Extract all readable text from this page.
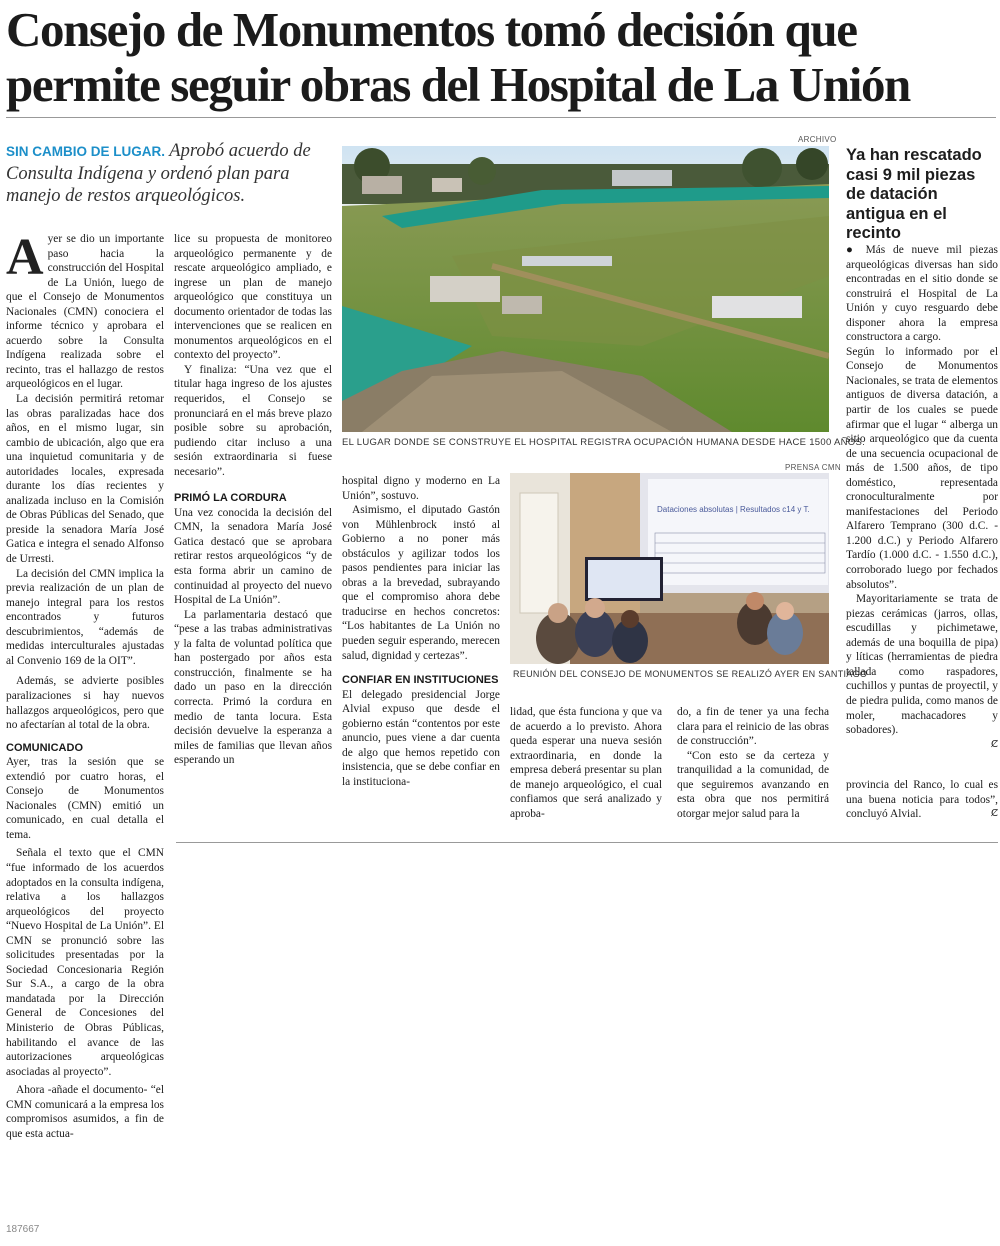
Consejo de Monumentos tomó decisión que permite seguir obras del Hospital de La Unión
SIN CAMBIO DE LUGAR. Aprobó acuerdo de Consulta Indígena y ordenó plan para manejo de restos arqueológicos.
ARCHIVO
EL LUGAR DONDE SE CONSTRUYE EL HOSPITAL REGISTRA OCUPACIÓN HUMANA DESDE HACE 1500 AÑOS.
PRENSA CMN
Dataciones absolutas | Resultados c14 y T.
REUNIÓN DEL CONSEJO DE MONUMENTOS SE REALIZÓ AYER EN SANTIAGO

Ayer se dio un importante paso hacia la construcción del Hospital de La Unión, luego de que el Consejo de Monumentos Nacionales (CMN) conociera el informe técnico y aprobara el acuerdo sobre la Consulta Indígena realizada sobre el recinto, tras el hallazgo de restos arqueológicos en el lugar.

La decisión permitirá retomar las obras paralizadas hace dos años, en el mismo lugar, sin cambio de ubicación, algo que era una inquietud comunitaria y de autoridades locales, expresada durante los días recientes y analizada incluso en la Comisión de Obras Públicas del Senado, que preside la senadora María José Gatica e integra el senado Alfonso de Urresti.

La decisión del CMN implica la previa realización de un plan de manejo integral para los restos encontrados y futuros descubrimientos, “además de medidas interculturales ajustadas al Convenio 169 de la OIT”.

Además, se advierte posibles paralizaciones si hay nuevos hallazgos arqueológicos, pero que no afectarían al total de la obra.

COMUNICADO

Ayer, tras la sesión que se extendió por cuatro horas, el Consejo de Monumentos Nacionales (CMN) emitió un comunicado, en cual detalla el tema.

Señala el texto que el CMN “fue informado de los acuerdos adoptados en la consulta indígena, relativa a los hallazgos arqueológicos del proyecto “Nuevo Hospital de La Unión”. El CMN se pronunció sobre las solicitudes presentadas por la Sociedad Concesionaria Región Sur S.A., a cargo de la obra mandatada por la Dirección General de Concesiones del Ministerio de Obras Públicas, habilitando el avance de las autorizaciones arqueológicas asociadas al proyecto”.

Ahora -añade el documento- “el CMN comunicará a la empresa los compromisos asumidos, a fin de que esta actua-

lice su propuesta de monitoreo arqueológico permanente y de rescate arqueológico ampliado, e ingrese un plan de manejo arqueológico que constituya un documento orientador de todas las intervenciones que se realicen en monumentos arqueológicos en el contexto del proyecto”.

Y finaliza: “Una vez que el titular haga ingreso de los ajustes requeridos, el Consejo se pronunciará en el más breve plazo posible sobre su aprobación, pudiendo citar incluso a una sesión extraordinaria si fuese necesario”.

PRIMÓ LA CORDURA

Una vez conocida la decisión del CMN, la senadora María José Gatica destacó que se aprobara retirar restos arqueológicos “y de esta forma abrir un camino de continuidad al proyecto del nuevo Hospital de La Unión”.

La parlamentaria destacó que “pese a las trabas administrativas y la falta de voluntad política que han postergado por años esta construcción, finalmente se ha dado un paso en la dirección correcta. Primó la cordura en medio de tanta locura. Esta decisión devuelve la esperanza a miles de familias que llevan años esperando un

hospital digno y moderno en La Unión”, sostuvo.

Asimismo, el diputado Gastón von Mühlenbrock instó al Gobierno a no poner más obstáculos y agilizar todos los pasos pendientes para iniciar las obras a la brevedad, subrayando que el compromiso ahora debe traducirse en hechos concretos: “Los habitantes de La Unión no pueden seguir esperando, merecen salud, dignidad y certezas”.

CONFIAR EN INSTITUCIONES

El delegado presidencial Jorge Alvial expuso que desde el gobierno están “contentos por este anuncio, pues viene a dar cuenta de algo que hemos repetido con insistencia, que se debe confiar en la instituciona-

lidad, que ésta funciona y que va de acuerdo a lo previsto. Ahora queda esperar una nueva sesión extraordinaria, en donde la empresa deberá presentar su plan de manejo arqueológico, el cual confiamos que será analizado y aproba-

do, a fin de tener ya una fecha clara para el reinicio de las obras de construcción”.

“Con esto se da certeza y tranquilidad a la comunidad, de que seguiremos avanzando en esta obra que nos permitirá otorgar mejor salud para la

Ya han rescatado casi 9 mil piezas de datación antigua en el recinto

● Más de nueve mil piezas arqueológicas diversas han sido encontradas en el sitio donde se construirá el Hospital de La Unión y cuyo resguardo debe disponer ahora la empresa constructora a cargo.

Según lo informado por el Consejo de Monumentos Nacionales, se trata de elementos antiguos de diversa datación, a partir de los cuales se puede afirmar que el lugar “ alberga un sitio arqueológico que da cuenta de una secuencia ocupacional de más de 1.500 años, de tipo doméstico, representada cronoculturalmente por manifestaciones del Periodo Alfarero Temprano (300 d.C. - 1.200 d.C.) y Periodo Alfarero Tardío (1.000 d.C. - 1.550 d.C.), corroborado luego por fechados absolutos”.

Mayoritariamente se trata de piezas cerámicas (jarros, ollas, escudillas y pichimetawe, además de una boquilla de pipa) y líticas (herramientas de piedra tallada como raspadores, cuchillos y puntas de proyectil, y de piedra pulida, como manos de moler, machacadores y sobadores).

Ȼ

provincia del Ranco, lo cual es una buena noticia para todos”, concluyó Alvial.	Ȼ

187667
